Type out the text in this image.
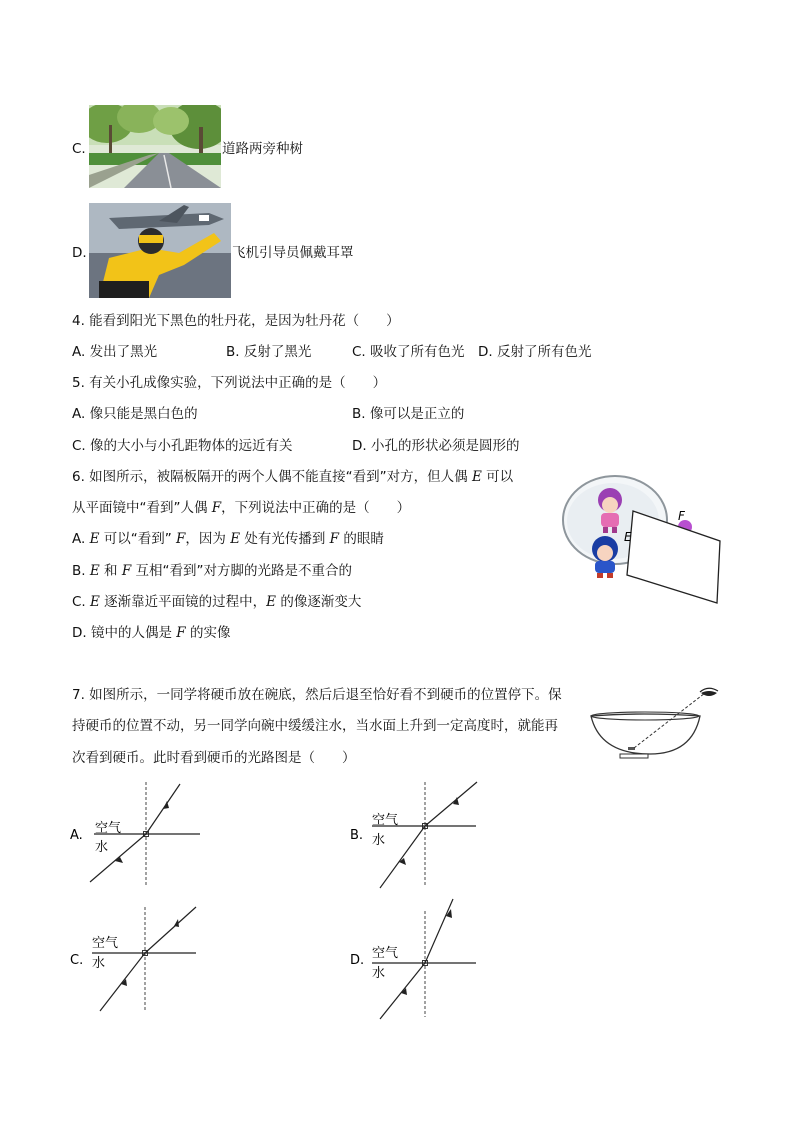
C.	道路两旁种树
D.	飞机引导员佩戴耳罩
4. 能看到阳光下黑色的牡丹花，是因为牡丹花（　　）
A. 发出了黑光	B. 反射了黑光	C. 吸收了所有色光 D. 反射了所有色光
5. 有关小孔成像实验，下列说法中正确的是（　　）
A. 像只能是黑白色的	B. 像可以是正立的
C. 像的大小与小孔距物体的远近有关	D. 小孔的形状必须是圆形的
6. 如图所示，被隔板隔开的两个人偶不能直接“看到”对方，但人偶 E 可以
从平面镜中“看到”人偶 F，下列说法中正确的是（　　）
A. E 可以“看到” F，因为 E 处有光传播到 F 的眼睛
B. E 和 F 互相“看到”对方脚的光路是不重合的
C. E 逐渐靠近平面镜的过程中，E 的像逐渐变大
D. 镜中的人偶是 F 的实像
E
F
7. 如图所示，一同学将硬币放在碗底，然后后退至恰好看不到硬币的位置停下。保
持硬币的位置不动，另一同学向碗中缓缓注水，当水面上升到一定高度时，就能再
次看到硬币。此时看到硬币的光路图是（　　）
A. 空气
水
B.
空气
水
C.
空气
水	D. 空气
水
